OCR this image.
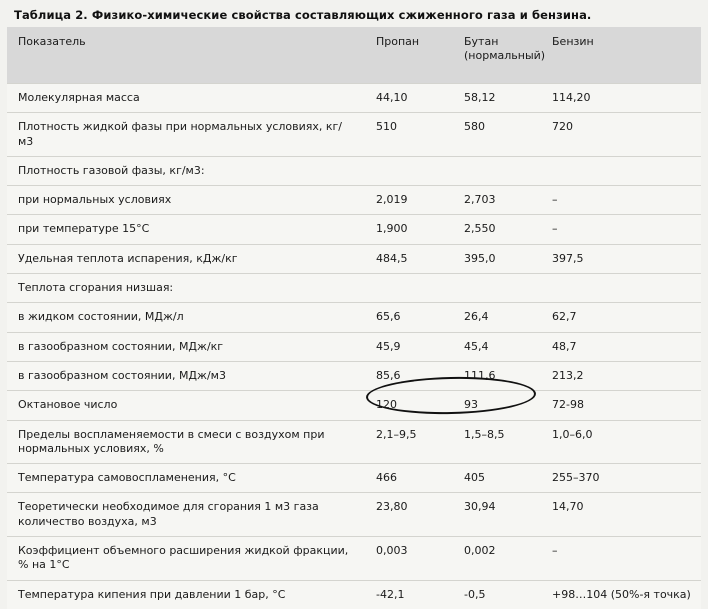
Таблица 2. Физико-химические свойства составляющих сжиженного газа и бензина.
Показатель	Пропан	Бутан (нормальный)	Бензин
Молекулярная масса	44,10	58,12	114,20
Плотность жидкой фазы при нормальных условиях, кг/м3	510	580	720
Плотность газовой фазы, кг/м3:			
при нормальных условиях	2,019	2,703	–
при температуре 15°С	1,900	2,550	–
Удельная теплота испарения, кДж/кг	484,5	395,0	397,5
Теплота сгорания низшая:			
в жидком состоянии, МДж/л	65,6	26,4	62,7
в газообразном состоянии, МДж/кг	45,9	45,4	48,7
в газообразном состоянии, МДж/м3	85,6	111,6	213,2
Октановое число	120	93	72-98
Пределы воспламеняемости в смеси с воздухом при нормальных условиях, %	2,1–9,5	1,5–8,5	1,0–6,0
Температура самовоспламенения, °С	466	405	255–370
Теоретически необходимое для сгорания 1 м3 газа количество воздуха, м3	23,80	30,94	14,70
Коэффициент объемного расширения жидкой фракции, % на 1°С	0,003	0,002	–
Температура кипения при давлении 1 бар, °С	-42,1	-0,5	+98…104 (50%-я точка)
